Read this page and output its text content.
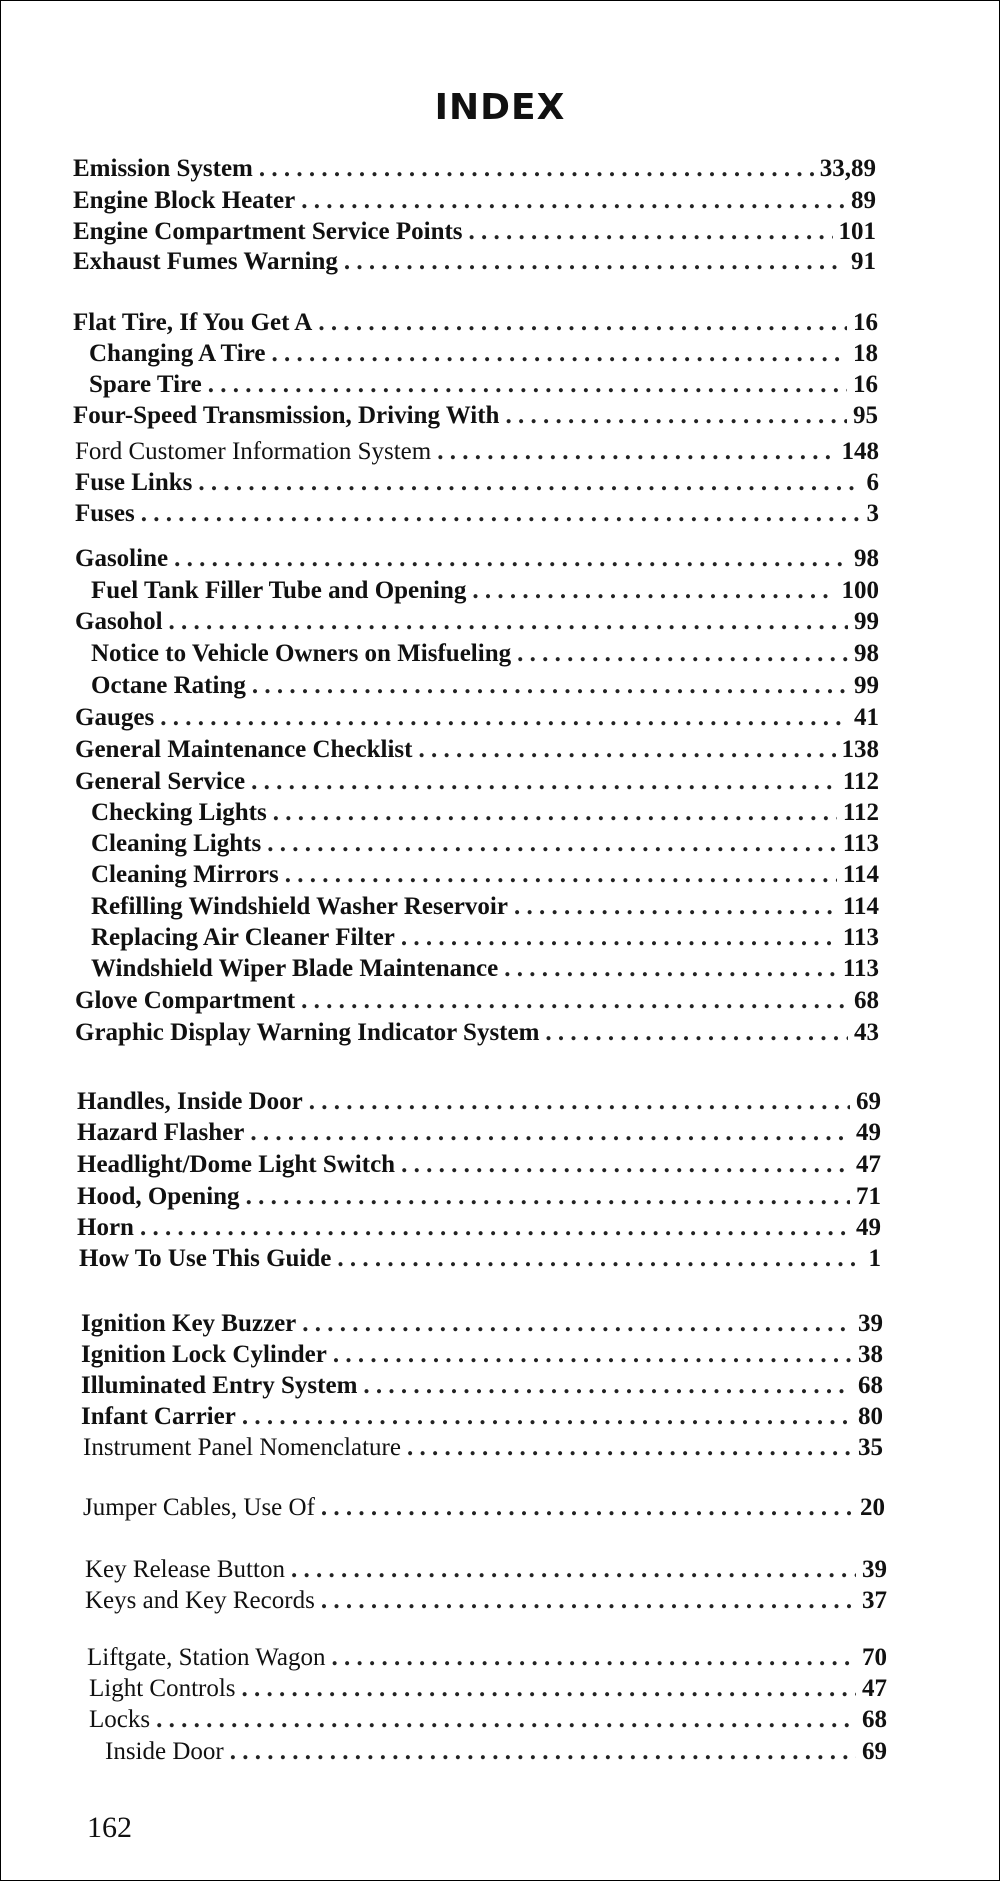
INDEX
Emission System . . .	33,89
Engine Block Heater . . .	89
Engine Compartment Service Points . . .	101
Exhaust Fumes Warning . . .	91
Flat Tire, If You Get A . . .	16
Changing A Tire . . .	18
Spare Tire . . .	16
Four-Speed Transmission, Driving With . . .	95
Ford Customer Information System . . .	148
Fuse Links . . .	6
Fuses . . .	3
Gasoline . . .	98
Fuel Tank Filler Tube and Opening . . .	100
Gasohol . . .	99
Notice to Vehicle Owners on Misfueling . . .	98
Octane Rating . . .	99
Gauges . . .	41
General Maintenance Checklist . . .	138
General Service . . .	112
Checking Lights . . .	112
Cleaning Lights . . .	113
Cleaning Mirrors . . .	114
Refilling Windshield Washer Reservoir . . .	114
Replacing Air Cleaner Filter . . .	113
Windshield Wiper Blade Maintenance . . .	113
Glove Compartment . . .	68
Graphic Display Warning Indicator System . . .	43
Handles, Inside Door . . .	69
Hazard Flasher . . .	49
Headlight/Dome Light Switch . . .	47
Hood, Opening . . .	71
Horn . . .	49
How To Use This Guide . . .	1
Ignition Key Buzzer . . .	39
Ignition Lock Cylinder . . .	38
Illuminated Entry System . . .	68
Infant Carrier . . .	80
Instrument Panel Nomenclature . . .	35
Jumper Cables, Use Of . . .	20
Key Release Button . . .	39
Keys and Key Records . . .	37
Liftgate, Station Wagon . . .	70
Light Controls . . .	47
Locks . . .	68
Inside Door . . .	69
162
